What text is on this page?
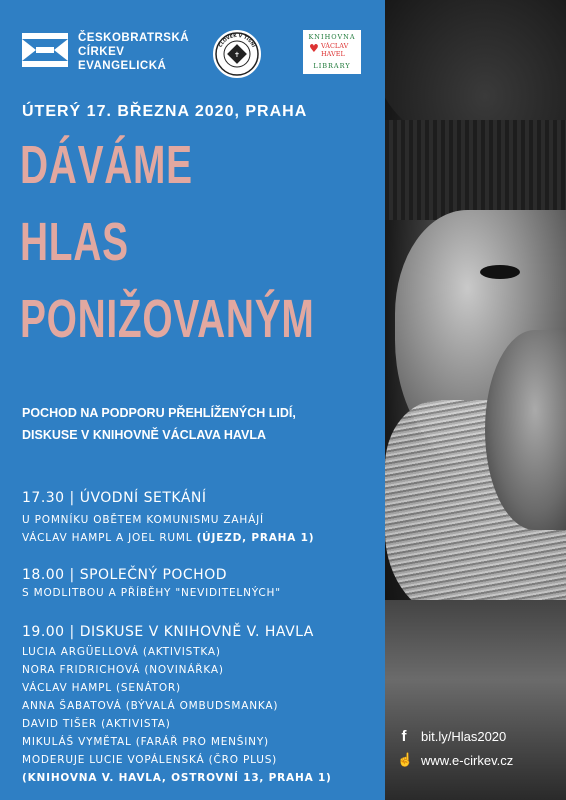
ČESKOBRATRSKÁ
CÍRKEV
EVANGELICKÁ
✝
ČLOVĚK V TÍSNI
KNIHOVNA
♥ VÁCLAV
HAVEL
LIBRARY
ÚTERÝ 17. BŘEZNA 2020, PRAHA
DÁVÁME
HLAS
PONIŽOVANÝM
POCHOD NA PODPORU PŘEHLÍŽENÝCH LIDÍ,
DISKUSE V KNIHOVNĚ VÁCLAVA HAVLA
17.30 | ÚVODNÍ SETKÁNÍ
U POMNÍKU OBĚTEM KOMUNISMU ZAHÁJÍ
VÁCLAV HAMPL A JOEL RUML (ÚJEZD, PRAHA 1)
18.00 | SPOLEČNÝ POCHOD
S MODLITBOU A PŘÍBĚHY "NEVIDITELNÝCH"
19.00 | DISKUSE V KNIHOVNĚ V. HAVLA
LUCIA ARGÜELLOVÁ (AKTIVISTKA)
NORA FRIDRICHOVÁ (NOVINÁŘKA)
VÁCLAV HAMPL (SENÁTOR)
ANNA ŠABATOVÁ (BÝVALÁ OMBUDSMANKA)
DAVID TIŠER (AKTIVISTA)
MIKULÁŠ VYMĚTAL (FARÁŘ PRO MENŠINY)
MODERUJE LUCIE VOPÁLENSKÁ (ČRO PLUS)
(KNIHOVNA V. HAVLA, OSTROVNÍ 13, PRAHA 1)
f	bit.ly/Hlas2020
☝ www.e-cirkev.cz
